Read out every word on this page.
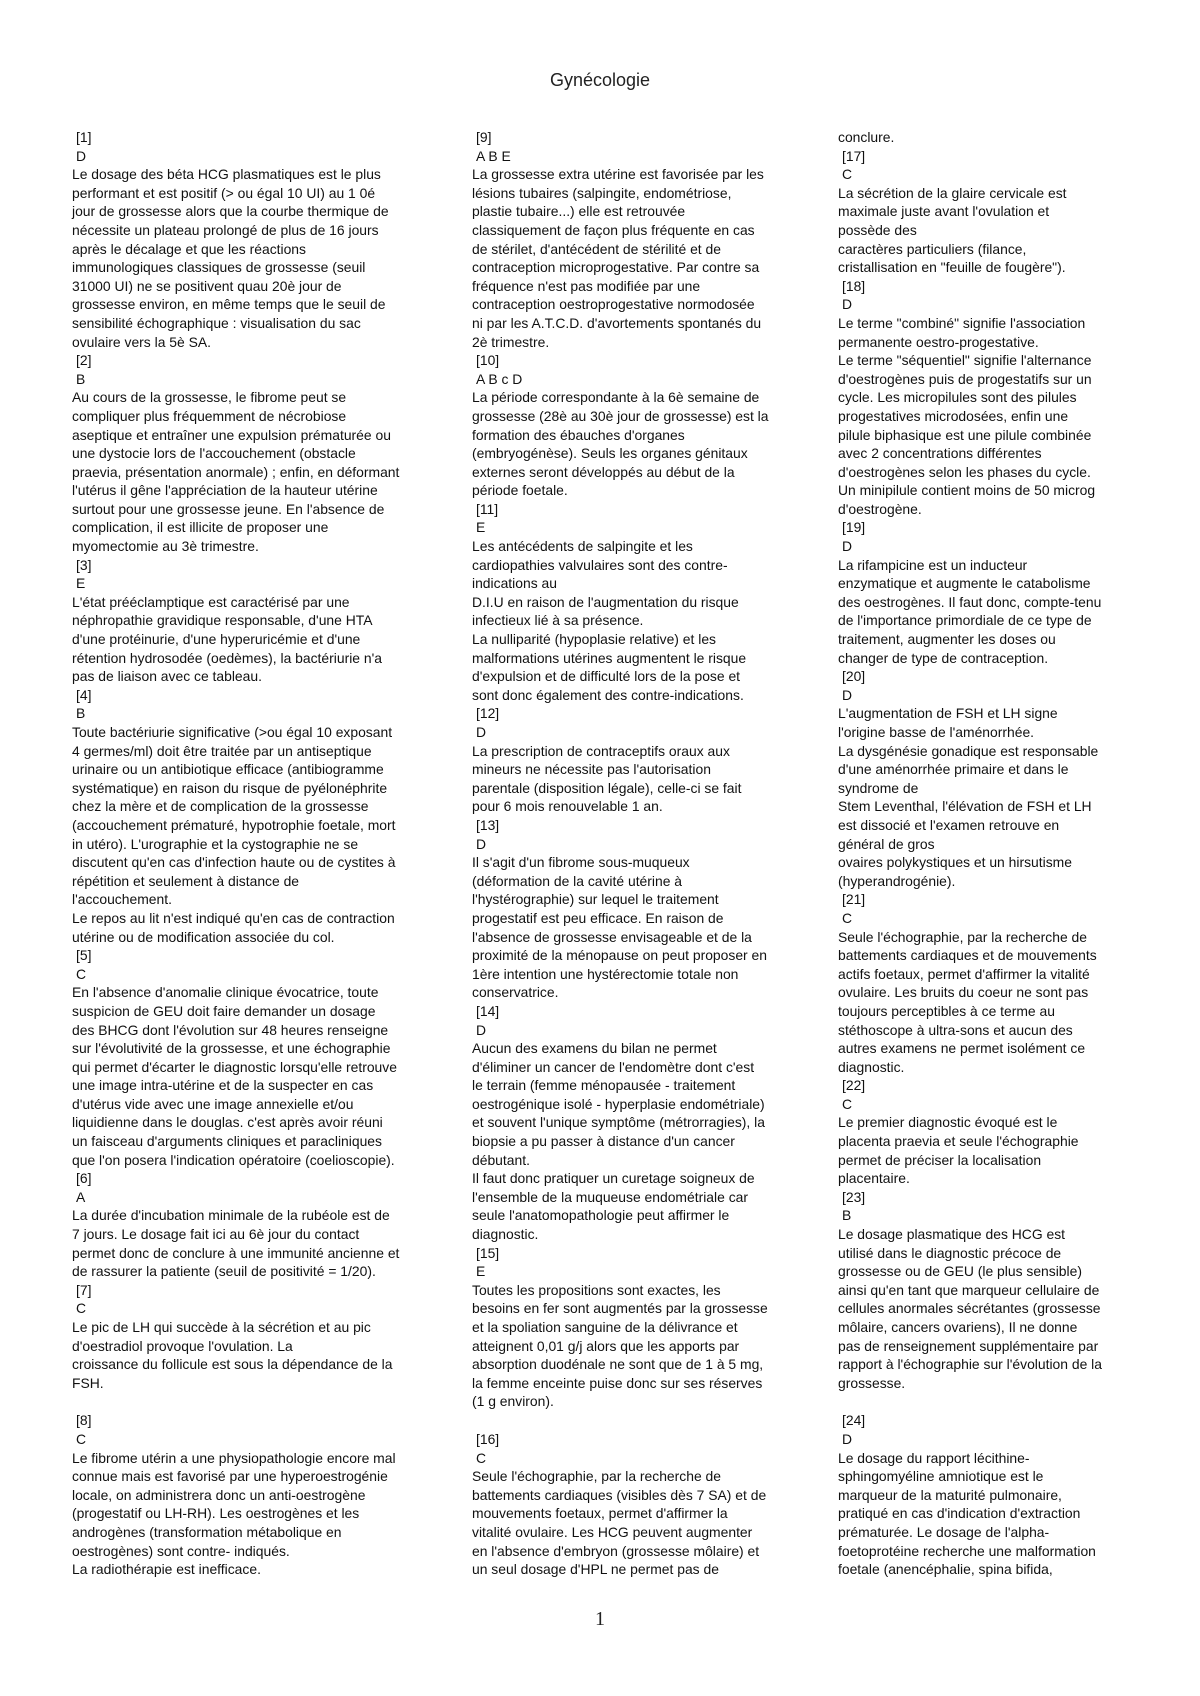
Gynécologie
[1]
D
Le dosage des béta HCG plasmatiques est le plus
performant et est positif (> ou égal 10 UI) au 1 0é
jour de grossesse alors que la courbe thermique de
nécessite un plateau prolongé de plus de 16 jours
après le décalage et que les réactions
immunologiques classiques de grossesse (seuil
31000 UI) ne se positivent quau 20è jour de
grossesse environ, en même temps que le seuil de
sensibilité échographique : visualisation du sac
ovulaire vers la 5è SA.
[2]
B
Au cours de la grossesse, le fibrome peut se
compliquer plus fréquemment de nécrobiose
aseptique et entraîner une expulsion prématurée ou
une dystocie lors de l'accouchement (obstacle
praevia, présentation anormale) ; enfin, en déformant
l'utérus il gêne l'appréciation de la hauteur utérine
surtout pour une grossesse jeune. En l'absence de
complication, il est illicite de proposer une
myomectomie au 3è trimestre.
[3]
E
L'état prééclamptique est caractérisé par une
néphropathie gravidique responsable, d'une HTA
d'une protéinurie, d'une hyperuricémie et d'une
rétention hydrosodée (oedèmes), la bactériurie n'a
pas de liaison avec ce tableau.
[4]
B
Toute bactériurie significative (>ou égal 10 exposant
4 germes/ml) doit être traitée par un antiseptique
urinaire ou un antibiotique efficace (antibiogramme
systématique) en raison du risque de pyélonéphrite
chez la mère et de complication de la grossesse
(accouchement prématuré, hypotrophie foetale, mort
in utéro). L'urographie et la cystographie ne se
discutent qu'en cas d'infection haute ou de cystites à
répétition et seulement à distance de
l'accouchement.
Le repos au lit n'est indiqué qu'en cas de contraction
utérine ou de modification associée du col.
[5]
C
En l'absence d'anomalie clinique évocatrice, toute
suspicion de GEU doit faire demander un dosage
des BHCG dont l'évolution sur 48 heures renseigne
sur l'évolutivité de la grossesse, et une échographie
qui permet d'écarter le diagnostic lorsqu'elle retrouve
une image intra-utérine et de la suspecter en cas
d'utérus vide avec une image annexielle et/ou
liquidienne dans le douglas. c'est après avoir réuni
un faisceau d'arguments cliniques et paracliniques
que l'on posera l'indication opératoire (coelioscopie).
[6]
A
La durée d'incubation minimale de la rubéole est de
7 jours. Le dosage fait ici au 6è jour du contact
permet donc de conclure à une immunité ancienne et
de rassurer la patiente (seuil de positivité = 1/20).
[7]
C
Le pic de LH qui succède à la sécrétion et au pic
d'oestradiol provoque l'ovulation. La
croissance du follicule est sous la dépendance de la
FSH.
[8]
C
Le fibrome utérin a une physiopathologie encore mal
connue mais est favorisé par une hyperoestrogénie
locale, on administrera donc un anti-oestrogène
(progestatif ou LH-RH). Les oestrogènes et les
androgènes (transformation métabolique en
oestrogènes) sont contre- indiqués.
La radiothérapie est inefficace.
[9]
A B E
La grossesse extra utérine est favorisée par les
lésions tubaires (salpingite, endométriose,
plastie tubaire...) elle est retrouvée
classiquement de façon plus fréquente en cas
de stérilet, d'antécédent de stérilité et de
contraception microprogestative. Par contre sa
fréquence n'est pas modifiée par une
contraception oestroprogestative normodosée
ni par les A.T.C.D. d'avortements spontanés du
2è trimestre.
[10]
A B c D
La période correspondante à la 6è semaine de
grossesse (28è au 30è jour de grossesse) est la
formation des ébauches d'organes
(embryogénèse). Seuls les organes génitaux
externes seront développés au début de la
période foetale.
[11]
E
Les antécédents de salpingite et les
cardiopathies valvulaires sont des contre-
indications au
D.I.U en raison de l'augmentation du risque
infectieux lié à sa présence.
La nulliparité (hypoplasie relative) et les
malformations utérines augmentent le risque
d'expulsion et de difficulté lors de la pose et
sont donc également des contre-indications.
[12]
D
La prescription de contraceptifs oraux aux
mineurs ne nécessite pas l'autorisation
parentale (disposition légale), celle-ci se fait
pour 6 mois renouvelable 1 an.
[13]
D
Il s'agit d'un fibrome sous-muqueux
(déformation de la cavité utérine à
l'hystérographie) sur lequel le traitement
progestatif est peu efficace. En raison de
l'absence de grossesse envisageable et de la
proximité de la ménopause on peut proposer en
1ère intention une hystérectomie totale non
conservatrice.
[14]
D
Aucun des examens du bilan ne permet
d'éliminer un cancer de l'endomètre dont c'est
le terrain (femme ménopausée - traitement
oestrogénique isolé - hyperplasie endométriale)
et souvent l'unique symptôme (métrorragies), la
biopsie a pu passer à distance d'un cancer
débutant.
Il faut donc pratiquer un curetage soigneux de
l'ensemble de la muqueuse endométriale car
seule l'anatomopathologie peut affirmer le
diagnostic.
[15]
E
Toutes les propositions sont exactes, les
besoins en fer sont augmentés par la grossesse
et la spoliation sanguine de la délivrance et
atteignent 0,01 g/j alors que les apports par
absorption duodénale ne sont que de 1 à 5 mg,
la femme enceinte puise donc sur ses réserves
(1 g environ).
[16]
C
Seule l'échographie, par la recherche de
battements cardiaques (visibles dès 7 SA) et de
mouvements foetaux, permet d'affirmer la
vitalité ovulaire. Les HCG peuvent augmenter
en l'absence d'embryon (grossesse môlaire) et
un seul dosage d'HPL ne permet pas de
conclure.
[17]
C
La sécrétion de la glaire cervicale est
maximale juste avant l'ovulation et
possède des
caractères particuliers (filance,
cristallisation en "feuille de fougère").
[18]
D
Le terme "combiné" signifie l'association
permanente oestro-progestative.
Le terme "séquentiel" signifie l'alternance
d'oestrogènes puis de progestatifs sur un
cycle. Les micropilules sont des pilules
progestatives microdosées, enfin une
pilule biphasique est une pilule combinée
avec 2 concentrations différentes
d'oestrogènes selon les phases du cycle.
Un minipilule contient moins de 50 microg
d'oestrogène.
[19]
D
La rifampicine est un inducteur
enzymatique et augmente le catabolisme
des oestrogènes. Il faut donc, compte-tenu
de l'importance primordiale de ce type de
traitement, augmenter les doses ou
changer de type de contraception.
[20]
D
L'augmentation de FSH et LH signe
l'origine basse de l'aménorrhée.
La dysgénésie gonadique est responsable
d'une aménorrhée primaire et dans le
syndrome de
Stem Leventhal, l'élévation de FSH et LH
est dissocié et l'examen retrouve en
général de gros
ovaires polykystiques et un hirsutisme
(hyperandrogénie).
[21]
C
Seule l'échographie, par la recherche de
battements cardiaques et de mouvements
actifs foetaux, permet d'affirmer la vitalité
ovulaire. Les bruits du coeur ne sont pas
toujours perceptibles à ce terme au
stéthoscope à ultra-sons et aucun des
autres examens ne permet isolément ce
diagnostic.
[22]
C
Le premier diagnostic évoqué est le
placenta praevia et seule l'échographie
permet de préciser la localisation
placentaire.
[23]
B
Le dosage plasmatique des HCG est
utilisé dans le diagnostic précoce de
grossesse ou de GEU (le plus sensible)
ainsi qu'en tant que marqueur cellulaire de
cellules anormales sécrétantes (grossesse
môlaire, cancers ovariens), Il ne donne
pas de renseignement supplémentaire par
rapport à l'échographie sur l'évolution de la
grossesse.
[24]
D
Le dosage du rapport lécithine-
sphingomyéline amniotique est le
marqueur de la maturité pulmonaire,
pratiqué en cas d'indication d'extraction
prématurée. Le dosage de l'alpha-
foetoprotéine recherche une malformation
foetale (anencéphalie, spina bifida,
1
